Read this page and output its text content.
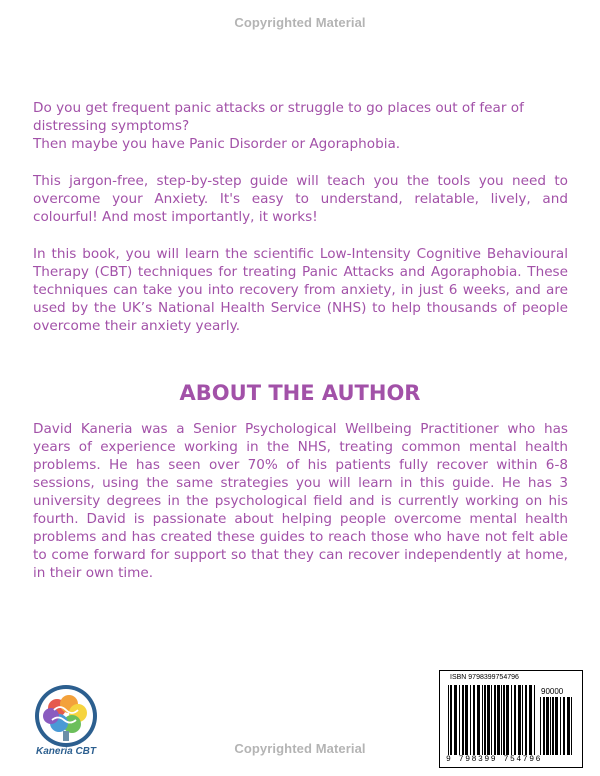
Copyrighted Material

Do you get frequent panic attacks or struggle to go places out of fear of
distressing symptoms?
Then maybe you have Panic Disorder or Agoraphobia.

This jargon-free, step-by-step guide will teach you the tools you need to overcome your Anxiety. It's easy to understand, relatable, lively, and colourful! And most importantly, it works!

In this book, you will learn the scientific Low-Intensity Cognitive Behavioural Therapy (CBT) techniques for treating Panic Attacks and Agoraphobia. These techniques can take you into recovery from anxiety, in just 6 weeks, and are used by the UK’s National Health Service (NHS) to help thousands of people overcome their anxiety yearly.

ABOUT THE AUTHOR

David Kaneria was a Senior Psychological Wellbeing Practitioner who has years of experience working in the NHS, treating common mental health problems. He has seen over 70% of his patients fully recover within 6-8 sessions, using the same strategies you will learn in this guide. He has 3 university degrees in the psychological field and is currently working on his fourth. David is passionate about helping people overcome mental health problems and has created these guides to reach those who have not felt able to come forward for support so that they can recover independently at home, in their own time.

Kaneria CBT
ISBN 9798399754796
90000
9 798399 754796
Copyrighted Material
